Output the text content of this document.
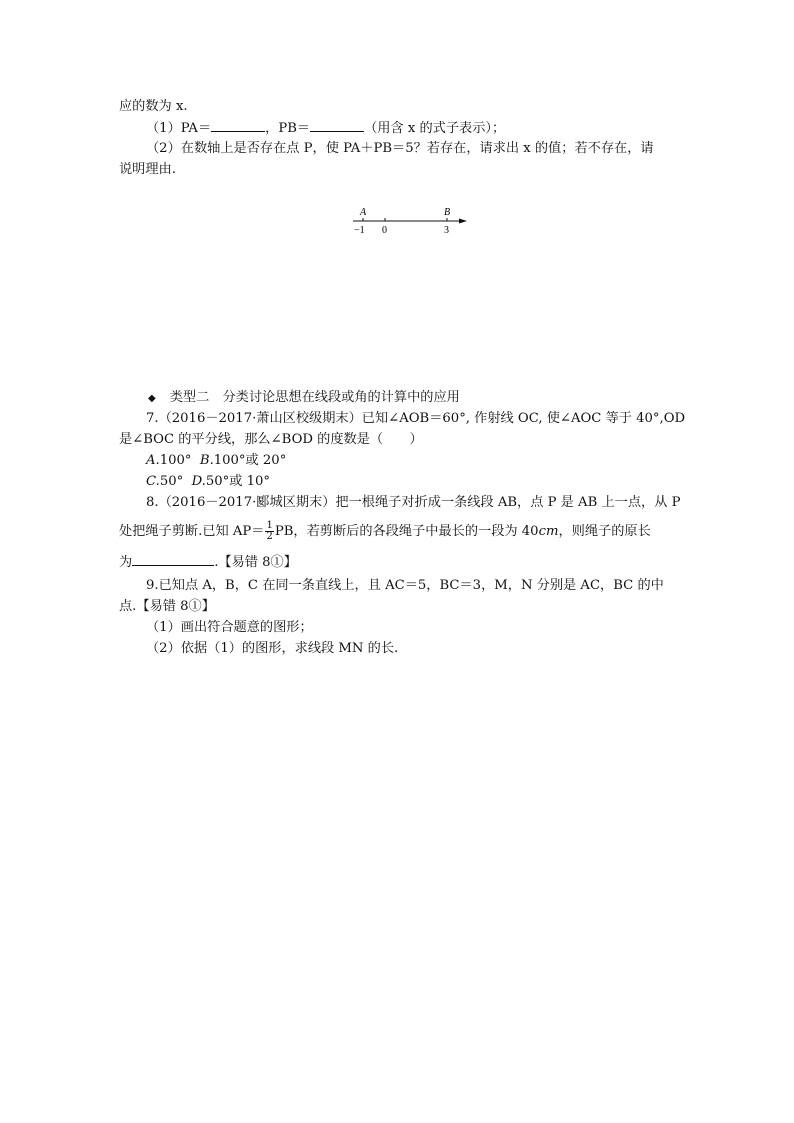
应的数为 x.
（1）PA＝	，PB＝	（用含 x 的式子表示）；
（2）在数轴上是否存在点 P，使 PA＋PB＝5？若存在，请求出 x 的值；若不存在，请
说明理由.
A	B
−1 0	3
◆ 类型二　分类讨论思想在线段或角的计算中的应用
7.（2016－2017·萧山区校级期末）已知∠AOB＝60°, 作射线 OC, 使∠AOC 等于 40°,OD
是∠BOC 的平分线，那么∠BOD 的度数是（　　）
A.100° B.100°或 20°
C.50° D.50°或 10°
8.（2016－2017·郾城区期末）把一根绳子对折成一条线段 AB，点 P 是 AB 上一点，从 P
处把绳子剪断.已知 $AP= \frac{1}{2}$ PB，若剪断后的各段绳子中最长的一段为 40cm，则绳子的原长
为	.【易错 8①】
9.已知点 A，B，C 在同一条直线上，且 AC＝5，BC＝3，M，N 分别是 AC，BC 的中
点.【易错 8①】
（1）画出符合题意的图形；
（2）依据（1）的图形，求线段 MN 的长.
